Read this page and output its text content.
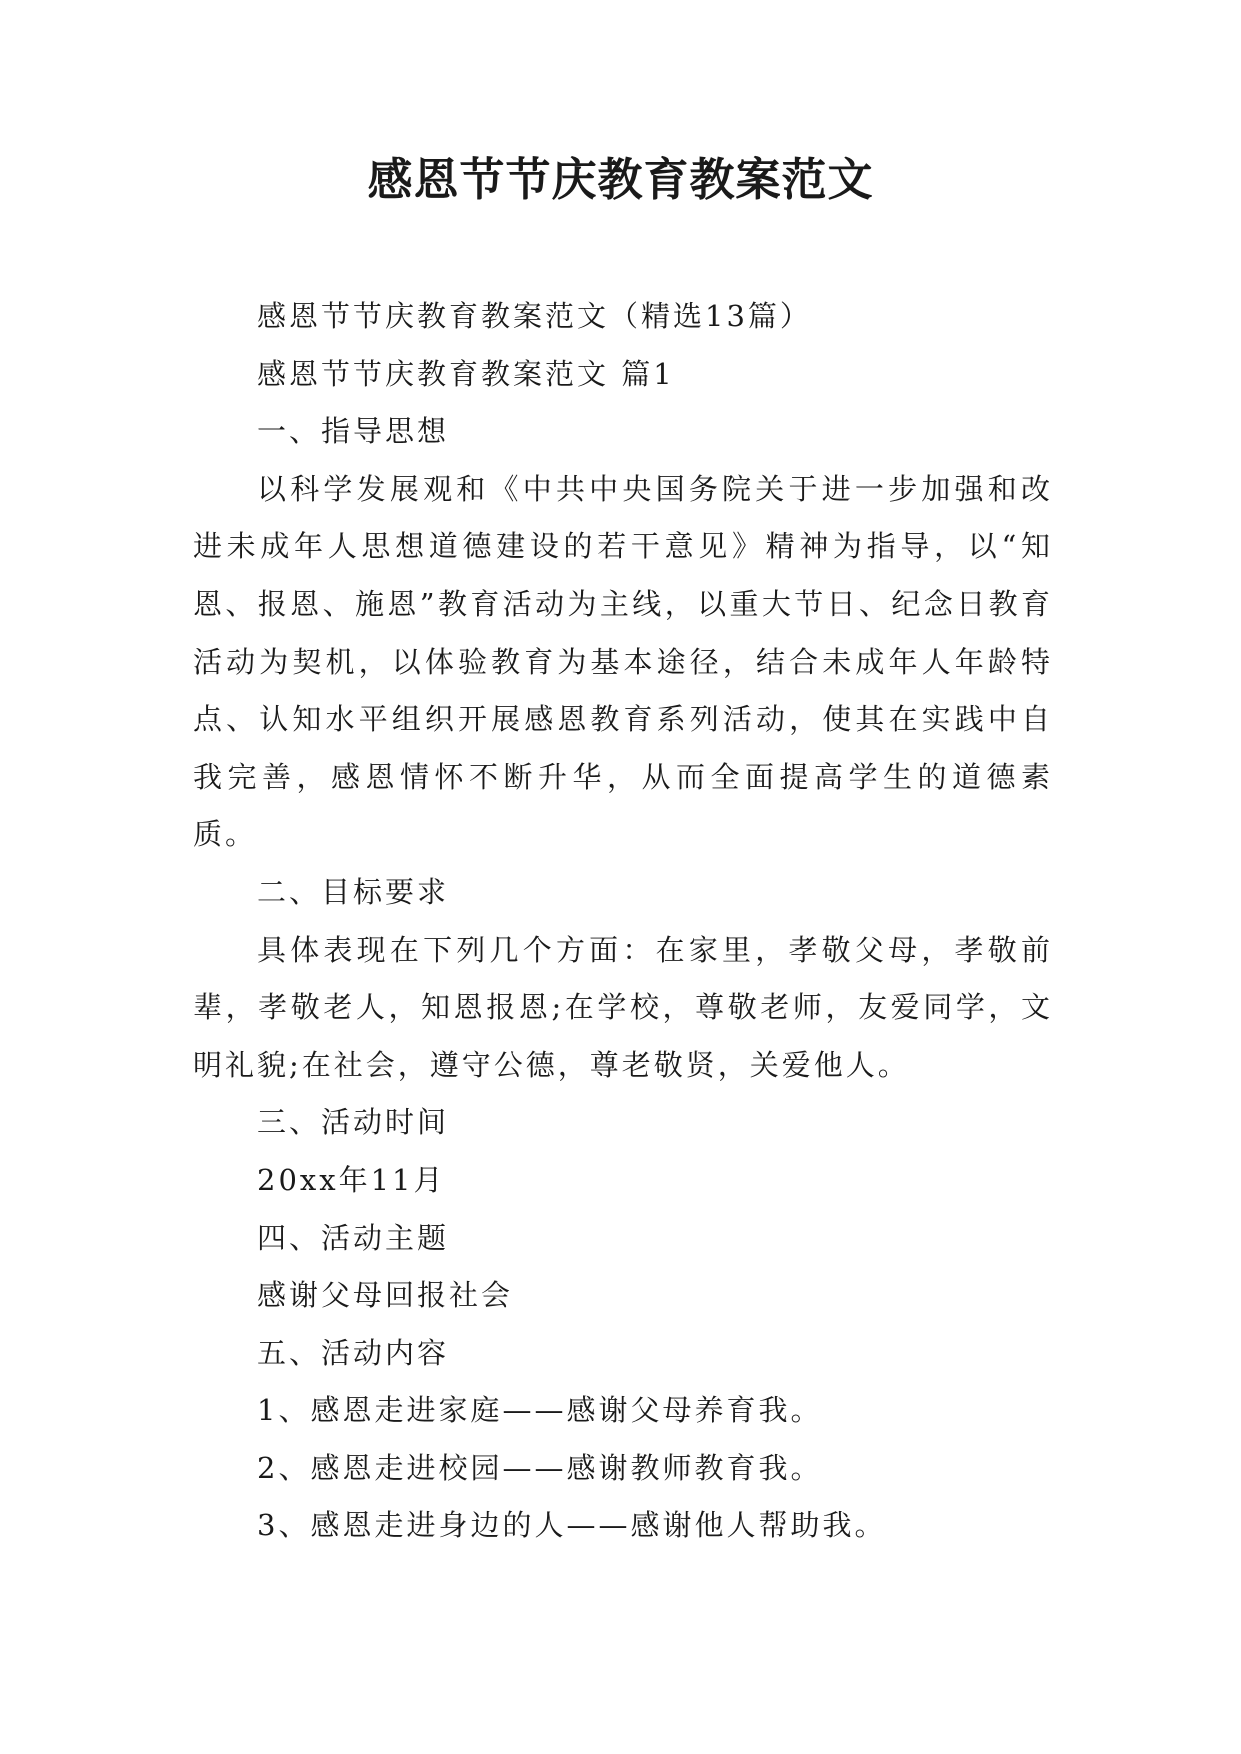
感恩节节庆教育教案范文

感恩节节庆教育教案范文（精选13篇）

感恩节节庆教育教案范文 篇1

一、指导思想

以科学发展观和《中共中央国务院关于进一步加强和改进未成年人思想道德建设的若干意见》精神为指导，以“知恩、报恩、施恩”教育活动为主线，以重大节日、纪念日教育活动为契机，以体验教育为基本途径，结合未成年人年龄特点、认知水平组织开展感恩教育系列活动，使其在实践中自我完善，感恩情怀不断升华，从而全面提高学生的道德素质。

二、目标要求

具体表现在下列几个方面：在家里，孝敬父母，孝敬前辈，孝敬老人，知恩报恩;在学校，尊敬老师，友爱同学，文明礼貌;在社会，遵守公德，尊老敬贤，关爱他人。

三、活动时间

20xx年11月

四、活动主题

感谢父母回报社会

五、活动内容

1、感恩走进家庭——感谢父母养育我。

2、感恩走进校园——感谢教师教育我。

3、感恩走进身边的人——感谢他人帮助我。
